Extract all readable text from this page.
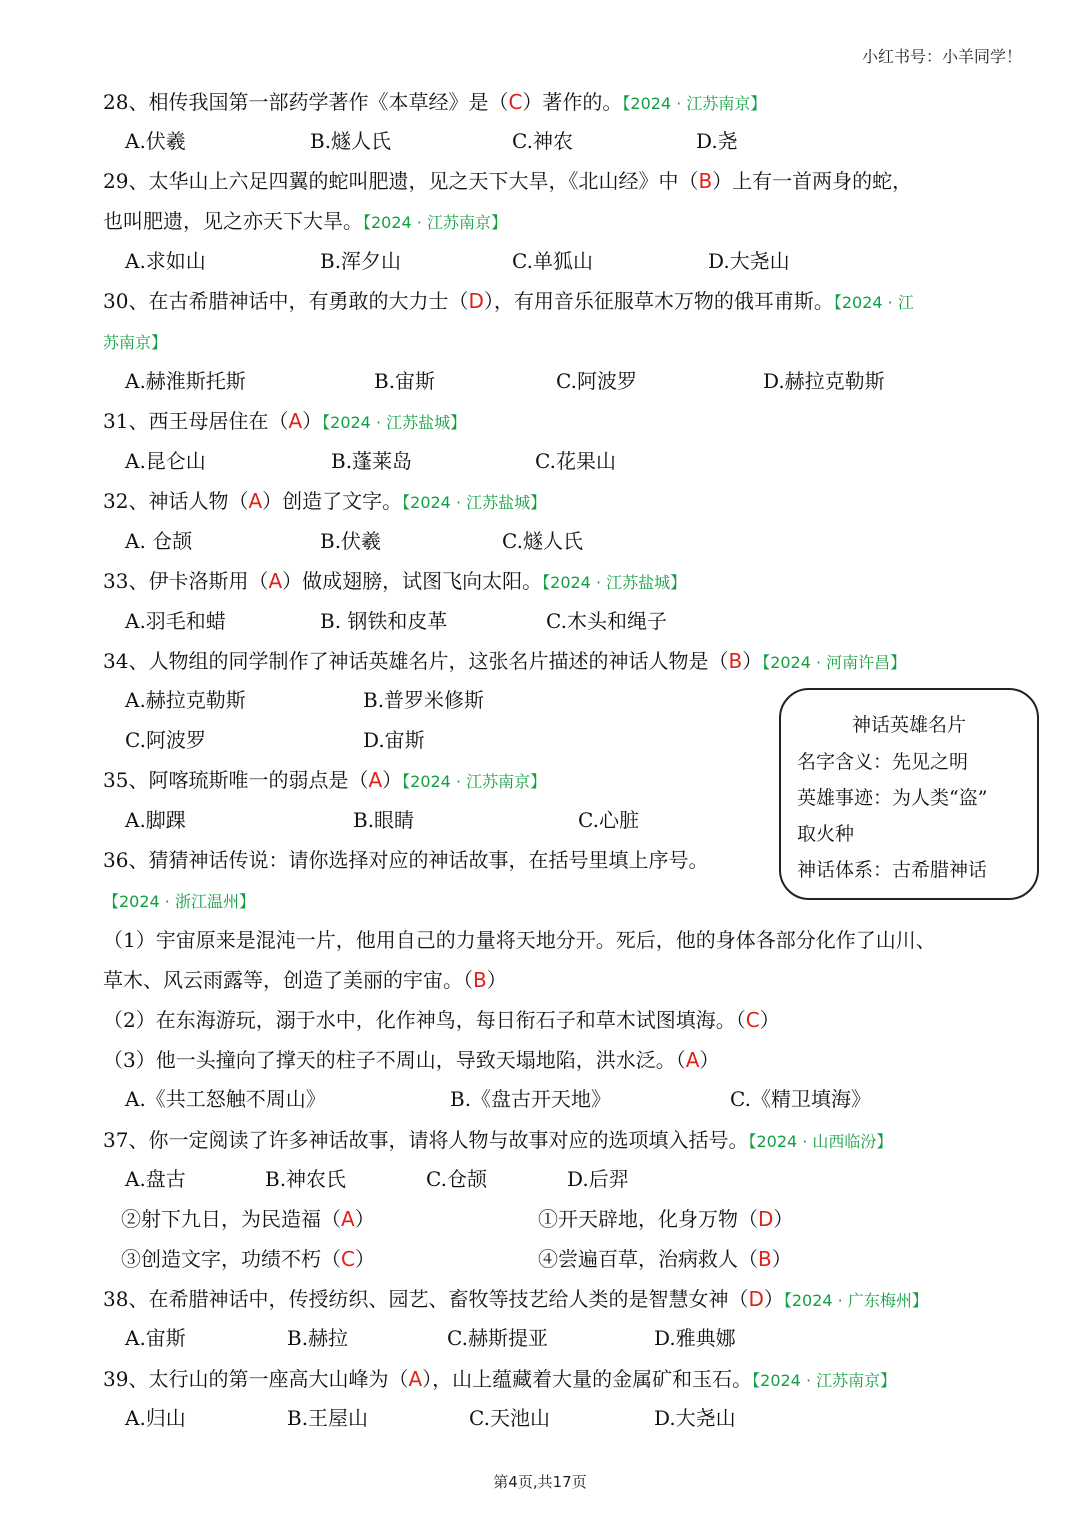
小红书号：小羊同学！
28、相传我国第一部药学著作《本草经》是（C）著作的。【2024 · 江苏南京】
A.伏羲	B.燧人氏	C.神农	D.尧
29、太华山上六足四翼的蛇叫肥遗，见之天下大旱，《北山经》中（B）上有一首两身的蛇，
也叫肥遗，见之亦天下大旱。【2024 · 江苏南京】
A.求如山	B.浑夕山	C.单狐山	D.大尧山
30、在古希腊神话中，有勇敢的大力士（D），有用音乐征服草木万物的俄耳甫斯。【2024 · 江
苏南京】
A.赫淮斯托斯	B.宙斯	C.阿波罗	D.赫拉克勒斯
31、西王母居住在（A）【2024 · 江苏盐城】
A.昆仑山	B.蓬莱岛	C.花果山
32、神话人物（A）创造了文字。【2024 · 江苏盐城】
A. 仓颉	B.伏羲	C.燧人氏
33、伊卡洛斯用（A）做成翅膀，试图飞向太阳。【2024 · 江苏盐城】
A.羽毛和蜡	B. 钢铁和皮革	C.木头和绳子
34、人物组的同学制作了神话英雄名片，这张名片描述的神话人物是（B）【2024 · 河南许昌】
A.赫拉克勒斯	B.普罗米修斯
C.阿波罗	D.宙斯
神话英雄名片
名字含义：先见之明
英雄事迹：为人类“盗”
取火种
神话体系：古希腊神话
35、阿喀琉斯唯一的弱点是（A）【2024 · 江苏南京】
A.脚踝	B.眼睛	C.心脏
36、猜猜神话传说：请你选择对应的神话故事，在括号里填上序号。
【2024 · 浙江温州】
（1）宇宙原来是混沌一片，他用自己的力量将天地分开。死后，他的身体各部分化作了山川、
草木、风云雨露等，创造了美丽的宇宙。（B）
（2）在东海游玩，溺于水中，化作神鸟，每日衔石子和草木试图填海。（C）
（3）他一头撞向了撑天的柱子不周山，导致天塌地陷，洪水泛。（A）
A.《共工怒触不周山》	B.《盘古开天地》	C.《精卫填海》
37、你一定阅读了许多神话故事，请将人物与故事对应的选项填入括号。【2024 · 山西临汾】
A.盘古	B.神农氏	C.仓颉	D.后羿
②射下九日，为民造福（A）	①开天辟地，化身万物（D）
③创造文字，功绩不朽（C）	④尝遍百草，治病救人（B）
38、在希腊神话中，传授纺织、园艺、畜牧等技艺给人类的是智慧女神（D）【2024 · 广东梅州】
A.宙斯	B.赫拉	C.赫斯提亚	D.雅典娜
39、太行山的第一座高大山峰为（A），山上蕴藏着大量的金属矿和玉石。【2024 · 江苏南京】
A.归山	B.王屋山	C.天池山	D.大尧山
第4页,共17页
